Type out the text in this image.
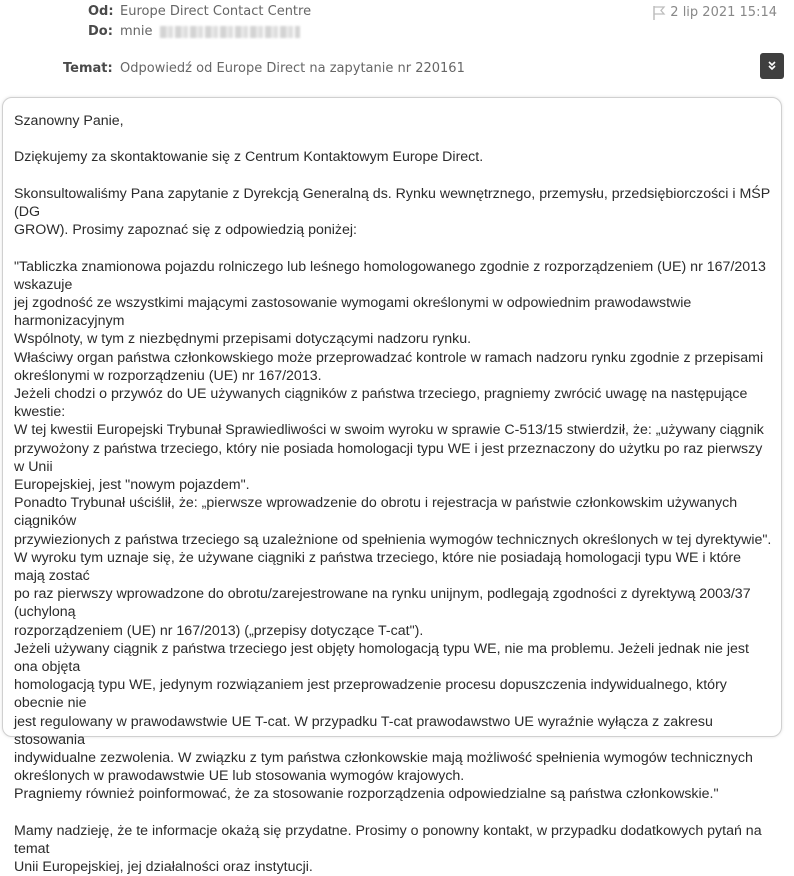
Od: Europe Direct Contact Centre
Do: mnie
Temat: Odpowiedź od Europe Direct na zapytanie nr 220161
2 lip 2021 15:14

Szanowny Panie,

Dziękujemy za skontaktowanie się z Centrum Kontaktowym Europe Direct.

Skonsultowaliśmy Pana zapytanie z Dyrekcją Generalną ds. Rynku wewnętrznego, przemysłu, przedsiębiorczości i MŚP (DG

GROW). Prosimy zapoznać się z odpowiedzią poniżej:

"Tabliczka znamionowa pojazdu rolniczego lub leśnego homologowanego zgodnie z rozporządzeniem (UE) nr 167/2013 wskazuje

jej zgodność ze wszystkimi mającymi zastosowanie wymogami określonymi w odpowiednim prawodawstwie harmonizacyjnym

Wspólnoty, w tym z niezbędnymi przepisami dotyczącymi nadzoru rynku.

Właściwy organ państwa członkowskiego może przeprowadzać kontrole w ramach nadzoru rynku zgodnie z przepisami

określonymi w rozporządzeniu (UE) nr 167/2013.

Jeżeli chodzi o przywóz do UE używanych ciągników z państwa trzeciego, pragniemy zwrócić uwagę na następujące kwestie:

W tej kwestii Europejski Trybunał Sprawiedliwości w swoim wyroku w sprawie C-513/15 stwierdził, że: „używany ciągnik

przywożony z państwa trzeciego, który nie posiada homologacji typu WE i jest przeznaczony do użytku po raz pierwszy w Unii

Europejskiej, jest "nowym pojazdem".

Ponadto Trybunał uściślił, że: „pierwsze wprowadzenie do obrotu i rejestracja w państwie członkowskim używanych ciągników

przywiezionych z państwa trzeciego są uzależnione od spełnienia wymogów technicznych określonych w tej dyrektywie".

W wyroku tym uznaje się, że używane ciągniki z państwa trzeciego, które nie posiadają homologacji typu WE i które mają zostać

po raz pierwszy wprowadzone do obrotu/zarejestrowane na rynku unijnym, podlegają zgodności z dyrektywą 2003/37 (uchyloną

rozporządzeniem (UE) nr 167/2013) („przepisy dotyczące T-cat").

Jeżeli używany ciągnik z państwa trzeciego jest objęty homologacją typu WE, nie ma problemu. Jeżeli jednak nie jest ona objęta

homologacją typu WE, jedynym rozwiązaniem jest przeprowadzenie procesu dopuszczenia indywidualnego, który obecnie nie

jest regulowany w prawodawstwie UE T-cat. W przypadku T-cat prawodawstwo UE wyraźnie wyłącza z zakresu stosowania

indywidualne zezwolenia. W związku z tym państwa członkowskie mają możliwość spełnienia wymogów technicznych

określonych w prawodawstwie UE lub stosowania wymogów krajowych.

Pragniemy również poinformować, że za stosowanie rozporządzenia odpowiedzialne są państwa członkowskie."

Mamy nadzieję, że te informacje okażą się przydatne. Prosimy o ponowny kontakt, w przypadku dodatkowych pytań na temat

Unii Europejskiej, jej działalności oraz instytucji.
